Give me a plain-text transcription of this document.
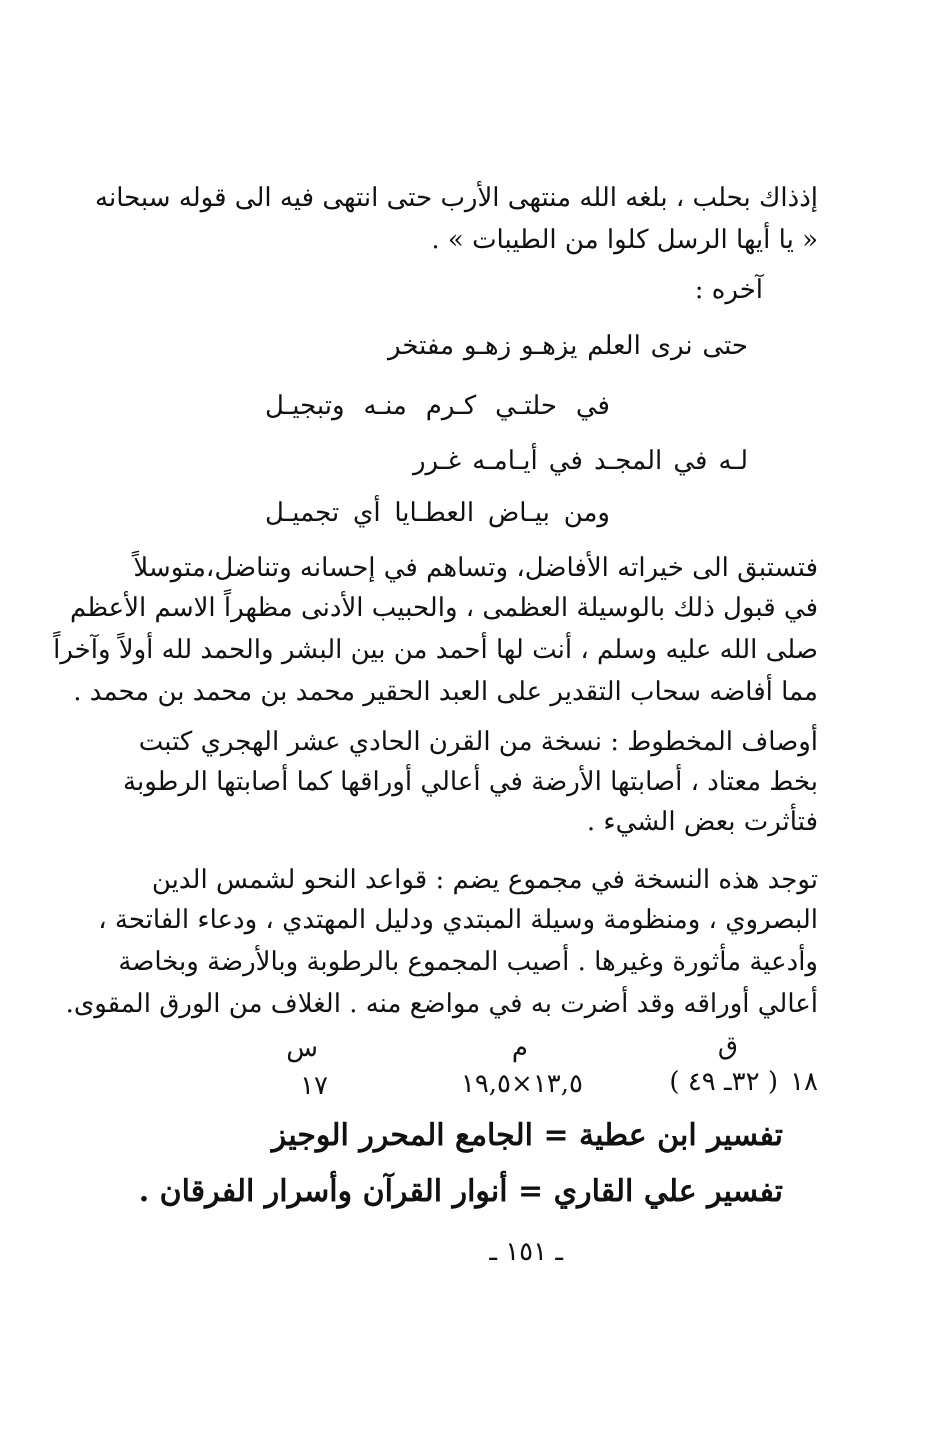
إذذاك بحلب ، بلغه الله منتهى الأرب حتى انتهى فيه الى قوله سبحانه
« يا أيها الرسل كلوا من الطيبات » .
آخره :
حتى نرى العلم يزهـو زهـو مفتخر
في حلتـي كـرم منـه وتبجيـل
لـه في المجـد في أيـامـه غـرر
ومن بيـاض العطـايا أي تجميـل
فتستبق الى خيراته الأفاضل، وتساهم في إحسانه وتناضل،متوسلاً
في قبول ذلك بالوسيلة العظمى ، والحبيب الأدنى مظهراً الاسم الأعظم
صلى الله عليه وسلم ، أنت لها أحمد من بين البشر والحمد لله أولاً وآخراً
مما أفاضه سحاب التقدير على العبد الحقير محمد بن محمد بن محمد .
أوصاف المخطوط : نسخة من القرن الحادي عشر الهجري كتبت
بخط معتاد ، أصابتها الأرضة في أعالي أوراقها كما أصابتها الرطوبة
فتأثرت بعض الشيء .
توجد هذه النسخة في مجموع يضم : قواعد النحو لشمس الدين
البصروي ، ومنظومة وسيلة المبتدي ودليل المهتدي ، ودعاء الفاتحة ،
وأدعية مأثورة وغيرها . أصيب المجموع بالرطوبة وبالأرضة وبخاصة
أعالي أوراقه وقد أضرت به في مواضع منه . الغلاف من الورق المقوى.
ق
م
س
١٨
( ٣٢ـ ٤٩ )
١٣,٥×١٩,٥
١٧
تفسير ابن عطية = الجامع المحرر الوجيز
تفسير علي القاري = أنوار القرآن وأسرار الفرقان .
ـ ١٥١ ـ
